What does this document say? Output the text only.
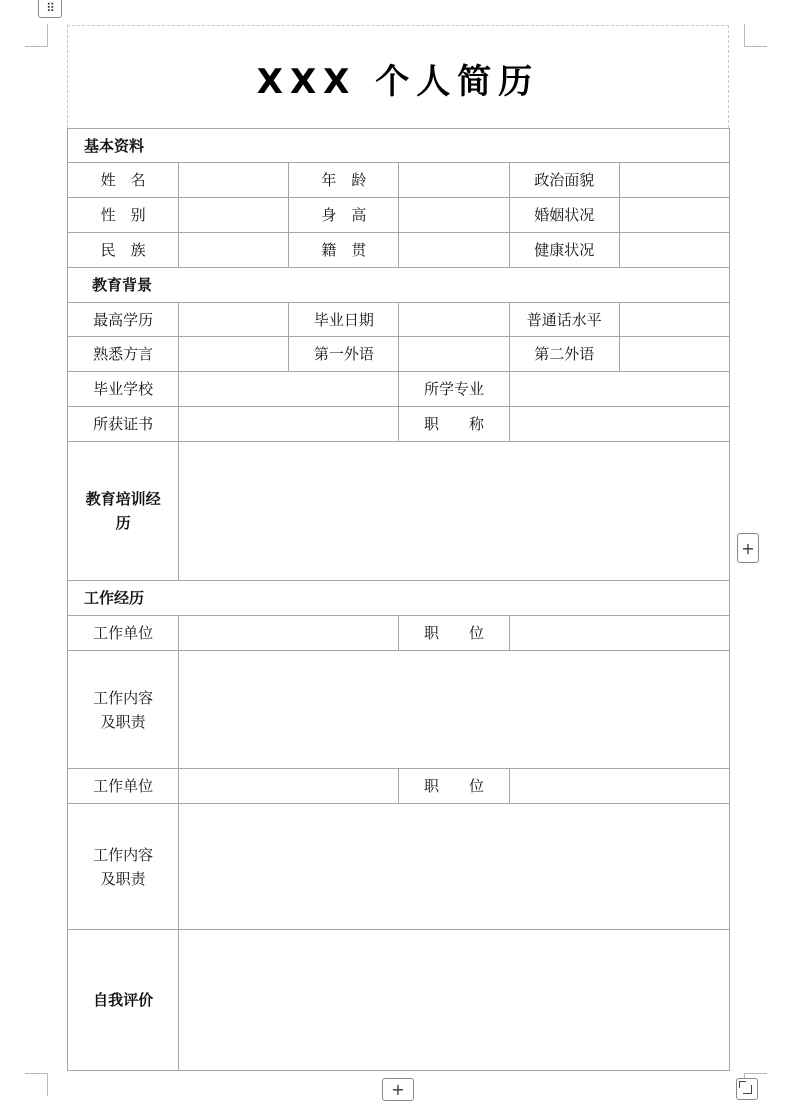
⠿
+
+
XXX 个人简历
基本资料					
姓　名		年　龄		政治面貌	
性　别		身　高		婚姻状况	
民　族		籍　贯		健康状况	
教育背景					
最高学历		毕业日期		普通话水平	
熟悉方言		第一外语		第二外语	
毕业学校			所学专业		
所获证书			职　　称		
教育培训经
历					
工作经历					
工作单位			职　　位		
工作内容
及职责					
工作单位			职　　位		
工作内容
及职责					
自我评价					
